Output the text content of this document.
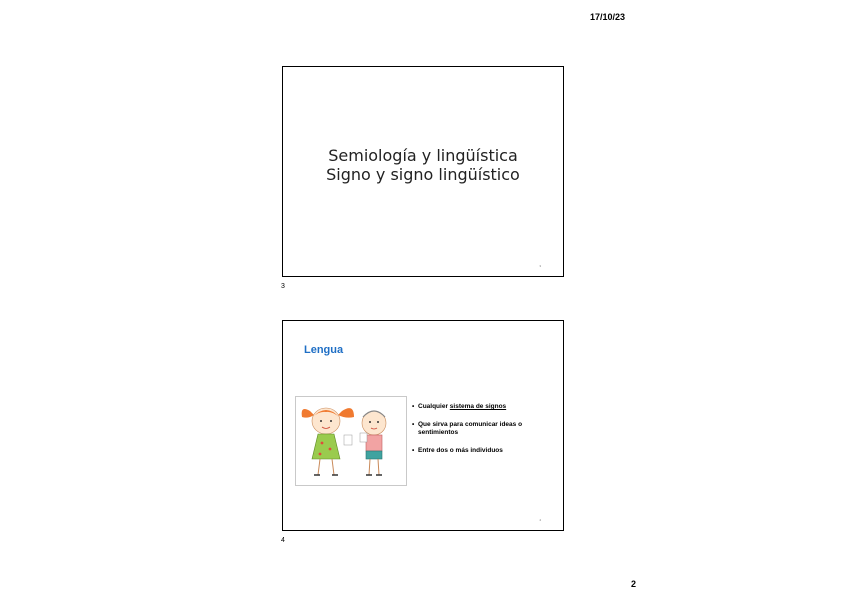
17/10/23
Semiología y lingüística
Signo y signo lingüístico
3
3
Lengua
• Cualquier sistema de signos
• Que sirva para comunicar ideas o sentimientos
• Entre dos o más individuos
4
4
2
